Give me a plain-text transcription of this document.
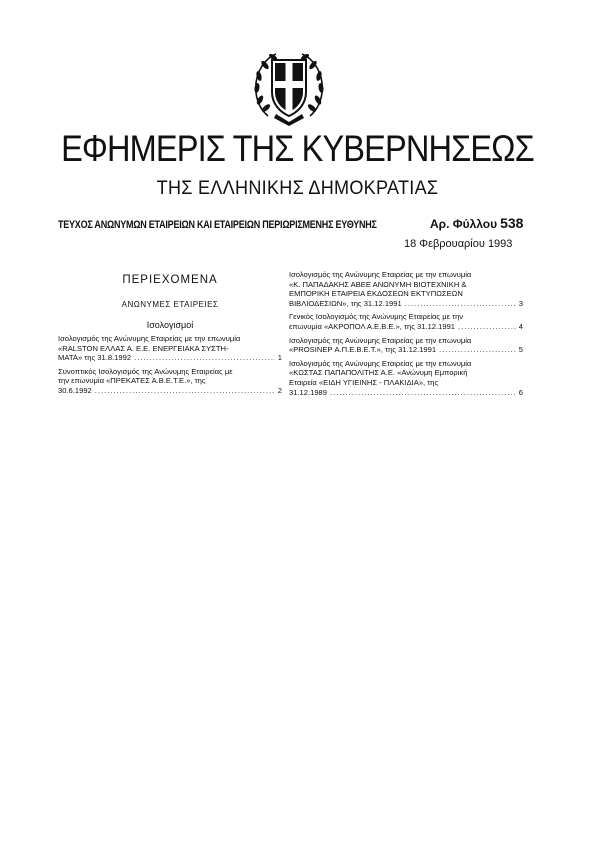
ΕΦΗΜΕΡΙΣ ΤΗΣ ΚΥΒΕΡΝΗΣΕΩΣ
ΤΗΣ ΕΛΛΗΝΙΚΗΣ ΔΗΜΟΚΡΑΤΙΑΣ
ΤΕΥΧΟΣ ΑΝΩΝΥΜΩΝ ΕΤΑΙΡΕΙΩΝ ΚΑΙ ΕΤΑΙΡΕΙΩΝ ΠΕΡΙΩΡΙΣΜΕΝΗΣ ΕΥΘΥΝΗΣ	Αρ. Φύλλου 538
18 Φεβρουαρίου 1993
ΠΕΡΙΕΧΟΜΕΝΑ
ΑΝΩΝΥΜΕΣ ΕΤΑΙΡΕΙΕΣ
Ισολογισμοί
Ισολογισμός της Ανώνυμης Εταιρείας με την επωνυμία
«RALSTON ΕΛΛΑΣ Α. Ε.Ε. ΕΝΕΡΓΕΙΑΚΑ ΣΥΣΤΗ-
ΜΑΤΑ» της 31.8.1992 .....	1
Συνοπτικός Ισολογισμός της Ανώνυμης Εταιρείας με
την επωνυμία «ΠΡΕΚΑΤΕΣ Α.Β.Ε.Τ.Ε.», της
30.6.1992 .....	2
Ισολογισμός της Ανώνυμης Εταιρείας με την επωνυμία
«Κ. ΠΑΠΑΔΑΚΗΣ ΑΒΕΕ ΑΝΩΝΥΜΗ ΒΙΟΤΕΧΝΙΚΗ &
ΕΜΠΟΡΙΚΗ ΕΤΑΙΡΕΙΑ ΕΚΔΟΣΕΩΝ ΕΚΤΥΠΩΣΕΩΝ
ΒΙΒΛΙΟΔΕΣΙΩΝ», της 31.12.1991 .....	3
Γενικός Ισολογισμός της Ανώνυμης Εταιρείας με την
επωνυμία «ΑΚΡΟΠΟΛ Α.Ε.Β.Ε.», της 31.12.1991 .....	4
Ισολογισμός της Ανώνυμης Εταιρείας με την επωνυμία
«PROSINEP Α.Π.Ε.Β.Ε.Τ.», της 31.12.1991 .....	5
Ισολογισμός της Ανώνυμης Εταιρείας με την επωνυμία
«ΚΩΣΤΑΣ ΠΑΠΑΠΟΛΙΤΗΣ Α.Ε. «Ανώνυμη Εμπορική
Εταιρεία «ΕΙΔΗ ΥΓΙΕΙΝΗΣ - ΠΛΑΚΙΔΙΑ», της
31.12.1989 .....	6
